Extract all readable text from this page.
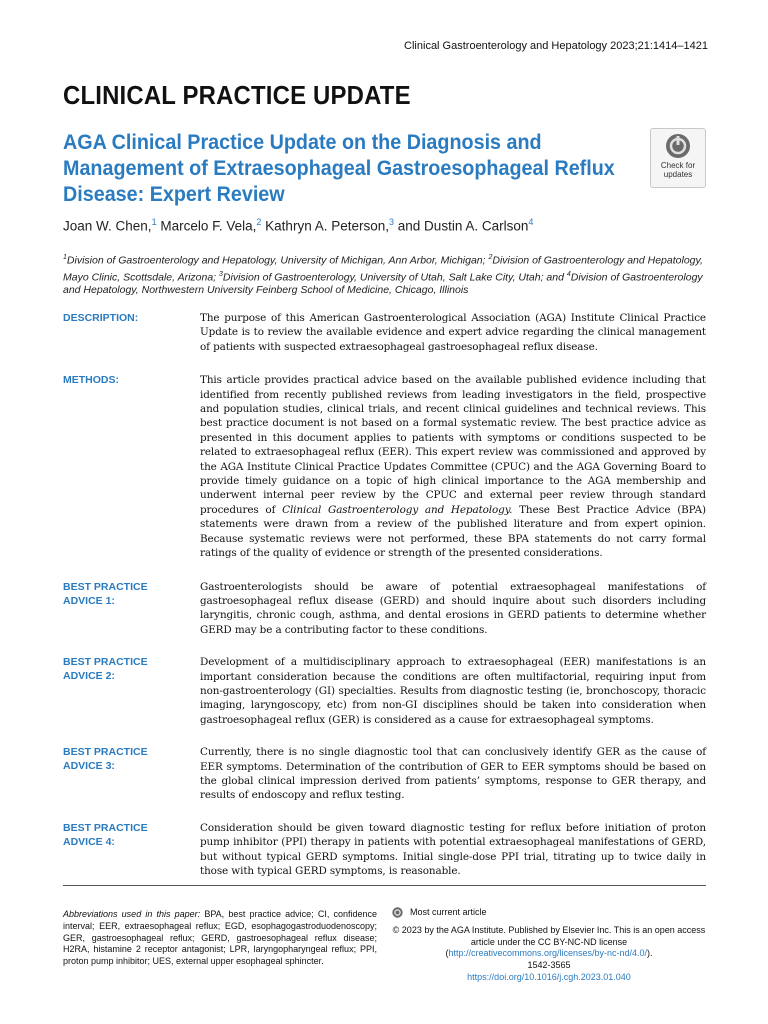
Clinical Gastroenterology and Hepatology 2023;21:1414–1421
CLINICAL PRACTICE UPDATE
AGA Clinical Practice Update on the Diagnosis and
Management of Extraesophageal Gastroesophageal Reflux
Disease: Expert Review
Check for
updates
Joan W. Chen,$^1$ Marcelo F. Vela,$^2$ Kathryn A. Peterson,$^3$ and Dustin A. Carlson$^4$
$^1$Division of Gastroenterology and Hepatology, University of Michigan, Ann Arbor, Michigan; $^2$Division of Gastroenterology and Hepatology, Mayo Clinic, Scottsdale, Arizona; $^3$Division of Gastroenterology, University of Utah, Salt Lake City, Utah; and $^4$Division of Gastroenterology and Hepatology, Northwestern University Feinberg School of Medicine, Chicago, Illinois
DESCRIPTION:	The purpose of this American Gastroenterological Association (AGA) Institute Clinical Practice Update is to review the available evidence and expert advice regarding the clinical management of patients with suspected extraesophageal gastroesophageal reflux disease.
METHODS:	This article provides practical advice based on the available published evidence including that identified from recently published reviews from leading investigators in the field, prospective and population studies, clinical trials, and recent clinical guidelines and technical reviews. This best practice document is not based on a formal systematic review. The best practice advice as presented in this document applies to patients with symptoms or conditions suspected to be related to extraesophageal reflux (EER). This expert review was commissioned and approved by the AGA Institute Clinical Practice Updates Committee (CPUC) and the AGA Governing Board to provide timely guidance on a topic of high clinical importance to the AGA membership and underwent internal peer review by the CPUC and external peer review through standard procedures of Clinical Gastroenterology and Hepatology. These Best Practice Advice (BPA) statements were drawn from a review of the published literature and from expert opinion. Because systematic reviews were not performed, these BPA statements do not carry formal ratings of the quality of evidence or strength of the presented considerations.
BEST PRACTICE
ADVICE 1:
Gastroenterologists should be aware of potential extraesophageal manifestations of gastroesophageal reflux disease (GERD) and should inquire about such disorders including laryngitis, chronic cough, asthma, and dental erosions in GERD patients to determine whether GERD may be a contributing factor to these conditions.
BEST PRACTICE
ADVICE 2:
Development of a multidisciplinary approach to extraesophageal (EER) manifestations is an important consideration because the conditions are often multifactorial, requiring input from non-gastroenterology (GI) specialties. Results from diagnostic testing (ie, bronchoscopy, thoracic imaging, laryngoscopy, etc) from non-GI disciplines should be taken into consideration when gastroesophageal reflux (GER) is considered as a cause for extraesophageal symptoms.
BEST PRACTICE
ADVICE 3:
Currently, there is no single diagnostic tool that can conclusively identify GER as the cause of EER symptoms. Determination of the contribution of GER to EER symptoms should be based on the global clinical impression derived from patients’ symptoms, response to GER therapy, and results of endoscopy and reflux testing.
BEST PRACTICE
ADVICE 4:
Consideration should be given toward diagnostic testing for reflux before initiation of proton pump inhibitor (PPI) therapy in patients with potential extraesophageal manifestations of GERD, but without typical GERD symptoms. Initial single-dose PPI trial, titrating up to twice daily in those with typical GERD symptoms, is reasonable.
Abbreviations used in this paper: BPA, best practice advice; CI, confidence interval; EER, extraesophageal reflux; EGD, esophagogastroduodenoscopy; GER, gastroesophageal reflux; GERD, gastroesophageal reflux disease; H2RA, histamine 2 receptor antagonist; LPR, laryngopharyngeal reflux; PPI, proton pump inhibitor; UES, external upper esophageal sphincter.
Most current article
© 2023 by the AGA Institute. Published by Elsevier Inc. This is an open access article under the CC BY-NC-ND license (http://creativecommons.org/licenses/by-nc-nd/4.0/).
1542-3565
https://doi.org/10.1016/j.cgh.2023.01.040
